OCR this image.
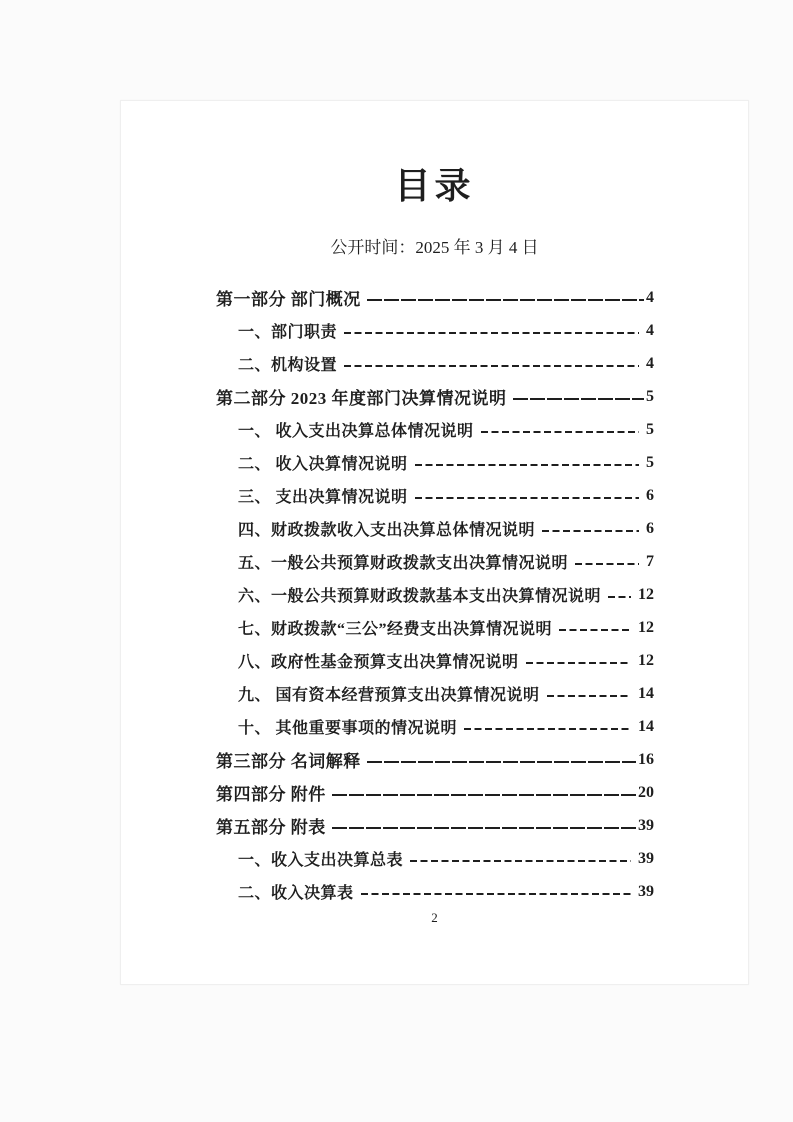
目录
公开时间：2025 年 3 月 4 日
第一部分 部门概况	4
一、部门职责	4
二、机构设置	4
第二部分 2023 年度部门决算情况说明	5
一、 收入支出决算总体情况说明	5
二、 收入决算情况说明	5
三、 支出决算情况说明	6
四、财政拨款收入支出决算总体情况说明	6
五、一般公共预算财政拨款支出决算情况说明	7
六、一般公共预算财政拨款基本支出决算情况说明 12
七、财政拨款“三公”经费支出决算情况说明	12
八、政府性基金预算支出决算情况说明	12
九、 国有资本经营预算支出决算情况说明	14
十、 其他重要事项的情况说明	14
第三部分 名词解释	16
第四部分 附件	20
第五部分 附表	39
一、收入支出决算总表	39
二、收入决算表	39
2
